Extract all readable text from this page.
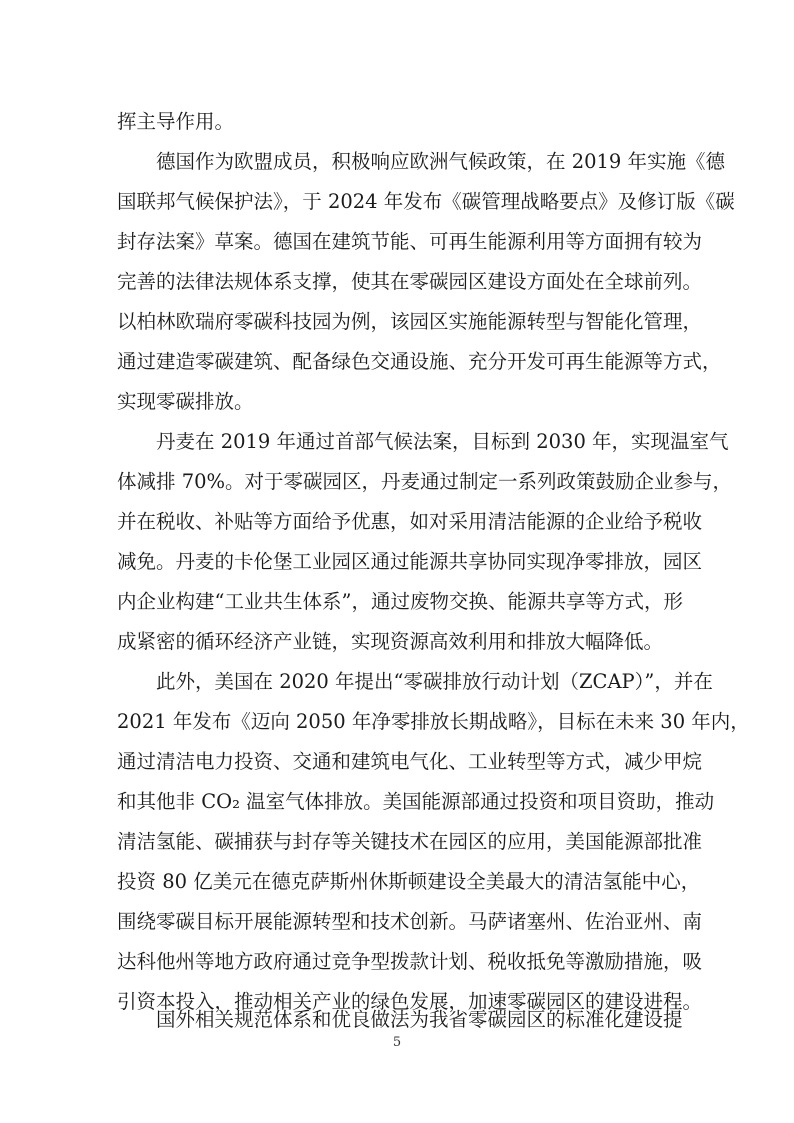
挥主导作用。
德国作为欧盟成员，积极响应欧洲气候政策，在 2019 年实施《德
国联邦气候保护法》，于 2024 年发布《碳管理战略要点》及修订版《碳
封存法案》草案。德国在建筑节能、可再生能源利用等方面拥有较为
完善的法律法规体系支撑，使其在零碳园区建设方面处在全球前列。
以柏林欧瑞府零碳科技园为例，该园区实施能源转型与智能化管理，
通过建造零碳建筑、配备绿色交通设施、充分开发可再生能源等方式，
实现零碳排放。
丹麦在 2019 年通过首部气候法案，目标到 2030 年，实现温室气
体减排 70%。对于零碳园区，丹麦通过制定一系列政策鼓励企业参与，
并在税收、补贴等方面给予优惠，如对采用清洁能源的企业给予税收
减免。丹麦的卡伦堡工业园区通过能源共享协同实现净零排放，园区
内企业构建“工业共生体系”，通过废物交换、能源共享等方式，形
成紧密的循环经济产业链，实现资源高效利用和排放大幅降低。
此外，美国在 2020 年提出“零碳排放行动计划（ZCAP）”，并在
2021 年发布《迈向 2050 年净零排放长期战略》，目标在未来 30 年内，
通过清洁电力投资、交通和建筑电气化、工业转型等方式，减少甲烷
和其他非 CO₂ 温室气体排放。美国能源部通过投资和项目资助，推动
清洁氢能、碳捕获与封存等关键技术在园区的应用，美国能源部批准
投资 80 亿美元在德克萨斯州休斯顿建设全美最大的清洁氢能中心，
围绕零碳目标开展能源转型和技术创新。马萨诸塞州、佐治亚州、南
达科他州等地方政府通过竞争型拨款计划、税收抵免等激励措施，吸
引资本投入，推动相关产业的绿色发展，加速零碳园区的建设进程。
国外相关规范体系和优良做法为我省零碳园区的标准化建设提
5
